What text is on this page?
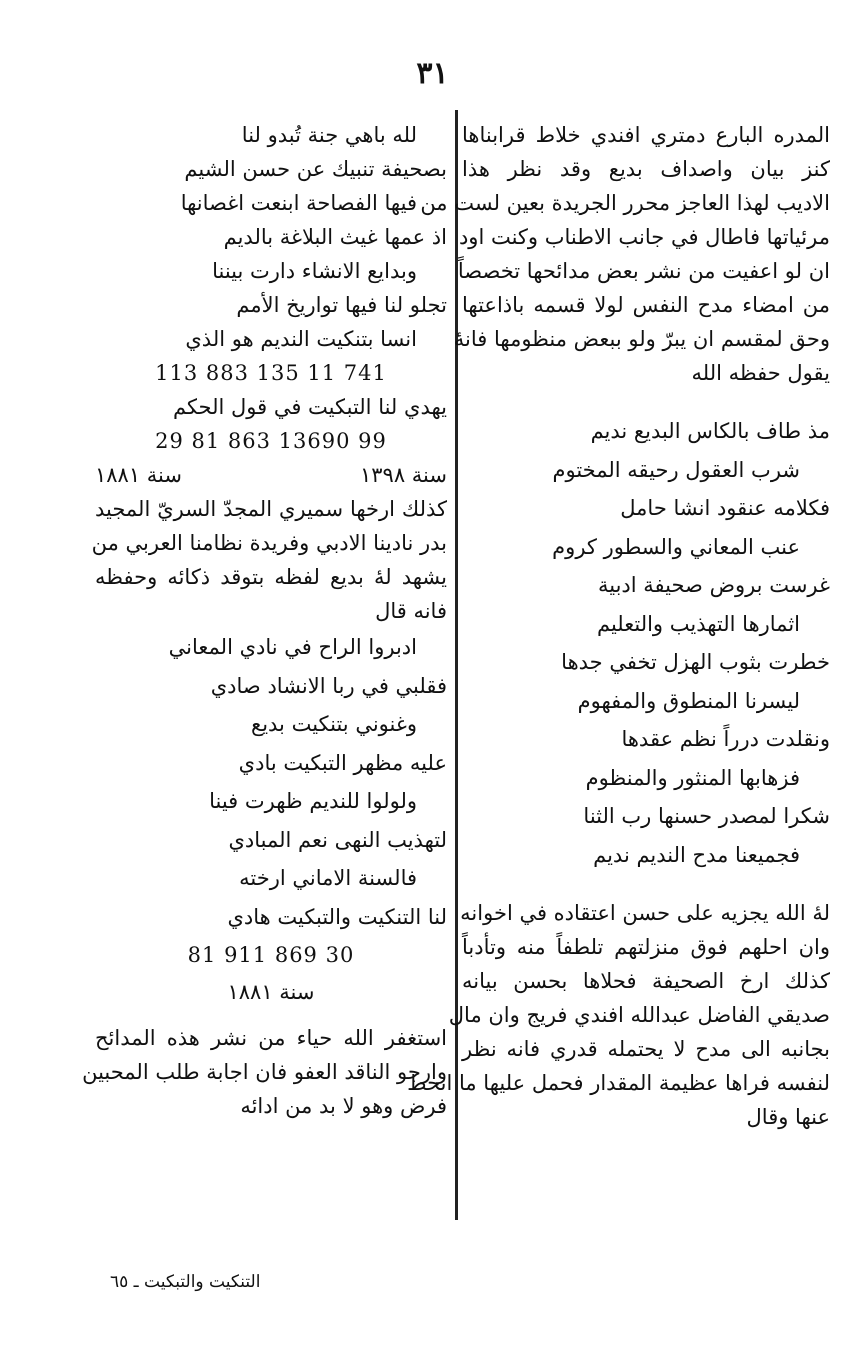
٣١
المدره البارع دمتري افندي خلاط قرابناها
كنز بيان واصداف بديع وقد نظر هذا
الاديب لهذا العاجز محرر الجريدة بعين لست من
مرئياتها فاطال في جانب الاطناب وكنت اود
ان لو اعفيت من نشر بعض مدائحها تخصصاً
من امضاء مدح النفس لولا قسمه باذاعتها
وحق لمقسم ان يبرّ ولو ببعض منظومها فانهٔ
يقول حفظه الله
مذ طاف بالكاس البديع نديم
شرب العقول رحيقه المختوم
فكلامه عنقود انشا حامل
عنب المعاني والسطور كروم
غرست بروض صحيفة ادبية
اثمارها التهذيب والتعليم
خطرت بثوب الهزل تخفي جدها
ليسرنا المنطوق والمفهوم
ونقلدت درراً نظم عقدها
فزهابها المنثور والمنظوم
شكرا لمصدر حسنها رب الثنا
فجميعنا مدح النديم نديم
لهٔ الله يجزيه على حسن اعتقاده في اخوانه
وان احلهم فوق منزلتهم تلطفاً منه وتأدباً
كذلك ارخ الصحيفة فحلاها بحسن بيانه
صديقي الفاضل عبدالله افندي فريج وان مال
بجانبه الى مدح لا يحتمله قدري فانه نظر
لنفسه فراها عظيمة المقدار فحمل عليها ما انحط
عنها وقال
لله باهي جنة تُبدو لنا
بصحيفة تنبيك عن حسن الشيم
فيها الفصاحة ابنعت اغصانها
اذ عمها غيث البلاغة بالديم
وبدايع الانشاء دارت بيننا
تجلو لنا فيها تواريخ الأمم
انسا بتنكيت النديم هو الذي
113 883 135 11 741
يهدي لنا التبكيت في قول الحكم
29 81 863 13690 99
سنة ١٣٩٨
سنة ١٨٨١
كذلك ارخها سميري المجدّ السريّ المجيد
بدر نادينا الادبي وفريدة نظامنا العربي من
يشهد لهٔ بديع لفظه بتوقد ذكائه وحفظه
فانه قال
ادبروا الراح في نادي المعاني
فقلبي في ربا الانشاد صادي
وغنوني بتنكيت بديع
عليه مظهر التبكيت بادي
ولولوا للنديم ظهرت فينا
لتهذيب النهى نعم المبادي
فالسنة الاماني ارخته
لنا التنكيت والتبكيت هادي
81 911 869 30
سنة ١٨٨١
استغفر الله حياء من نشر هذه المدائح
وارجو الناقد العفو فان اجابة طلب المحبين
فرض وهو لا بد من ادائه
التنكيت والتبكيت ـ ٦٥
